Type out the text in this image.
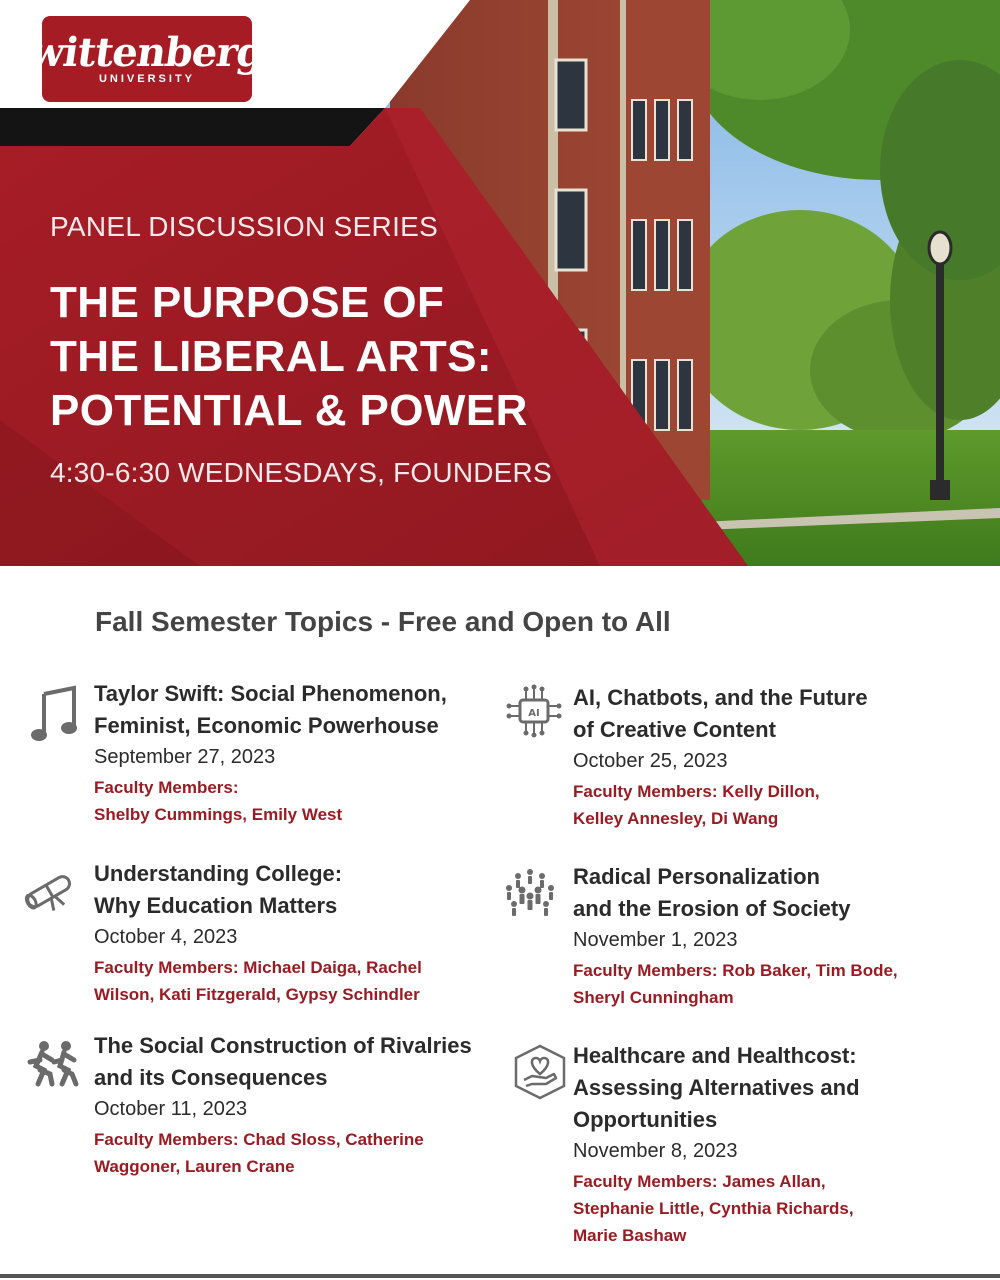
wittenberg
UNIVERSITY
PANEL DISCUSSION SERIES
THE PURPOSE OF
THE LIBERAL ARTS:
POTENTIAL & POWER
4:30-6:30 WEDNESDAYS, FOUNDERS
Fall Semester Topics - Free and Open to All
Taylor Swift: Social Phenomenon,
Feminist, Economic Powerhouse
September 27, 2023
Faculty Members:
Shelby Cummings, Emily West
Understanding College:
Why Education Matters
October 4, 2023
Faculty Members: Michael Daiga, Rachel
Wilson, Kati Fitzgerald, Gypsy Schindler
The Social Construction of Rivalries
and its Consequences
October 11, 2023
Faculty Members: Chad Sloss, Catherine
Waggoner, Lauren Crane
AI
AI, Chatbots, and the Future
of Creative Content
October 25, 2023
Faculty Members: Kelly Dillon,
Kelley Annesley, Di Wang
Radical Personalization
and the Erosion of Society
November 1, 2023
Faculty Members: Rob Baker, Tim Bode,
Sheryl Cunningham
Healthcare and Healthcost:
Assessing Alternatives and
Opportunities
November 8, 2023
Faculty Members: James Allan,
Stephanie Little, Cynthia Richards,
Marie Bashaw
